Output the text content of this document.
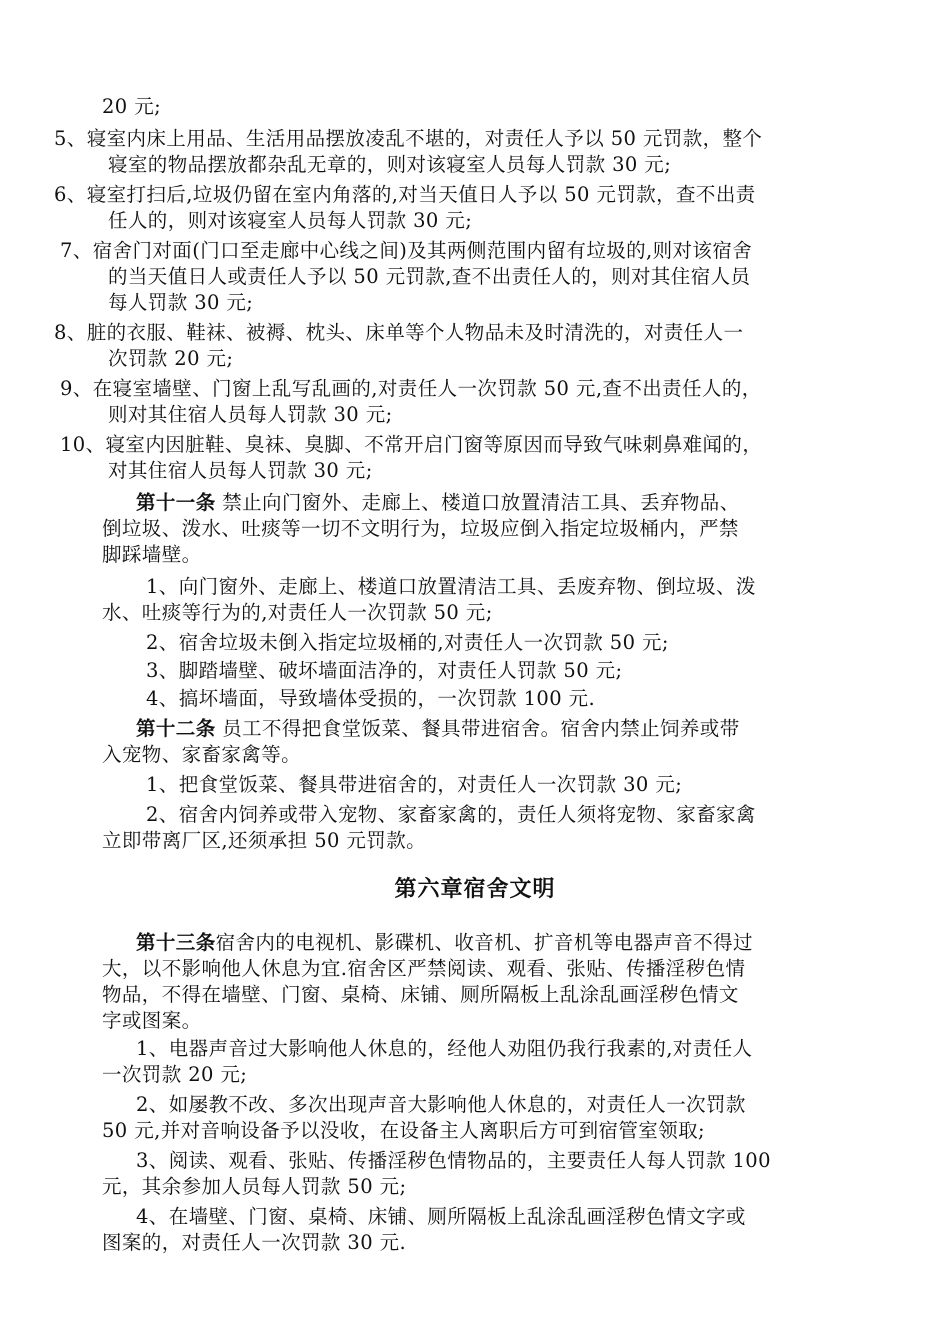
20 元;
5、寝室内床上用品、生活用品摆放凌乱不堪的，对责任人予以 50 元罚款，整个
寝室的物品摆放都杂乱无章的，则对该寝室人员每人罚款 30 元;
6、寝室打扫后,垃圾仍留在室内角落的,对当天值日人予以 50 元罚款，查不出责
任人的，则对该寝室人员每人罚款 30 元;
7、宿舍门对面(门口至走廊中心线之间)及其两侧范围内留有垃圾的,则对该宿舍
的当天值日人或责任人予以 50 元罚款,查不出责任人的，则对其住宿人员
每人罚款 30 元;
8、脏的衣服、鞋袜、被褥、枕头、床单等个人物品未及时清洗的，对责任人一
次罚款 20 元;
9、在寝室墙壁、门窗上乱写乱画的,对责任人一次罚款 50 元,查不出责任人的，
则对其住宿人员每人罚款 30 元;
10、寝室内因脏鞋、臭袜、臭脚、不常开启门窗等原因而导致气味刺鼻难闻的，
对其住宿人员每人罚款 30 元;
第十一条 禁止向门窗外、走廊上、楼道口放置清洁工具、丢弃物品、
倒垃圾、泼水、吐痰等一切不文明行为，垃圾应倒入指定垃圾桶内，严禁
脚踩墙壁。
1、向门窗外、走廊上、楼道口放置清洁工具、丢废弃物、倒垃圾、泼
水、吐痰等行为的,对责任人一次罚款 50 元;
2、宿舍垃圾未倒入指定垃圾桶的,对责任人一次罚款 50 元;
3、脚踏墙壁、破坏墙面洁净的，对责任人罚款 50 元;
4、搞坏墙面，导致墙体受损的，一次罚款 100 元.
第十二条 员工不得把食堂饭菜、餐具带进宿舍。宿舍内禁止饲养或带
入宠物、家畜家禽等。
1、把食堂饭菜、餐具带进宿舍的，对责任人一次罚款 30 元;
2、宿舍内饲养或带入宠物、家畜家禽的，责任人须将宠物、家畜家禽
立即带离厂区,还须承担 50 元罚款。
第六章宿舍文明
第十三条宿舍内的电视机、影碟机、收音机、扩音机等电器声音不得过
大，以不影响他人休息为宜.宿舍区严禁阅读、观看、张贴、传播淫秽色情
物品，不得在墙壁、门窗、桌椅、床铺、厕所隔板上乱涂乱画淫秽色情文
字或图案。
1、电器声音过大影响他人休息的，经他人劝阻仍我行我素的,对责任人
一次罚款 20 元;
2、如屡教不改、多次出现声音大影响他人休息的，对责任人一次罚款
50 元,并对音响设备予以没收，在设备主人离职后方可到宿管室领取;
3、阅读、观看、张贴、传播淫秽色情物品的，主要责任人每人罚款 100
元，其余参加人员每人罚款 50 元;
4、在墙壁、门窗、桌椅、床铺、厕所隔板上乱涂乱画淫秽色情文字或
图案的，对责任人一次罚款 30 元.
